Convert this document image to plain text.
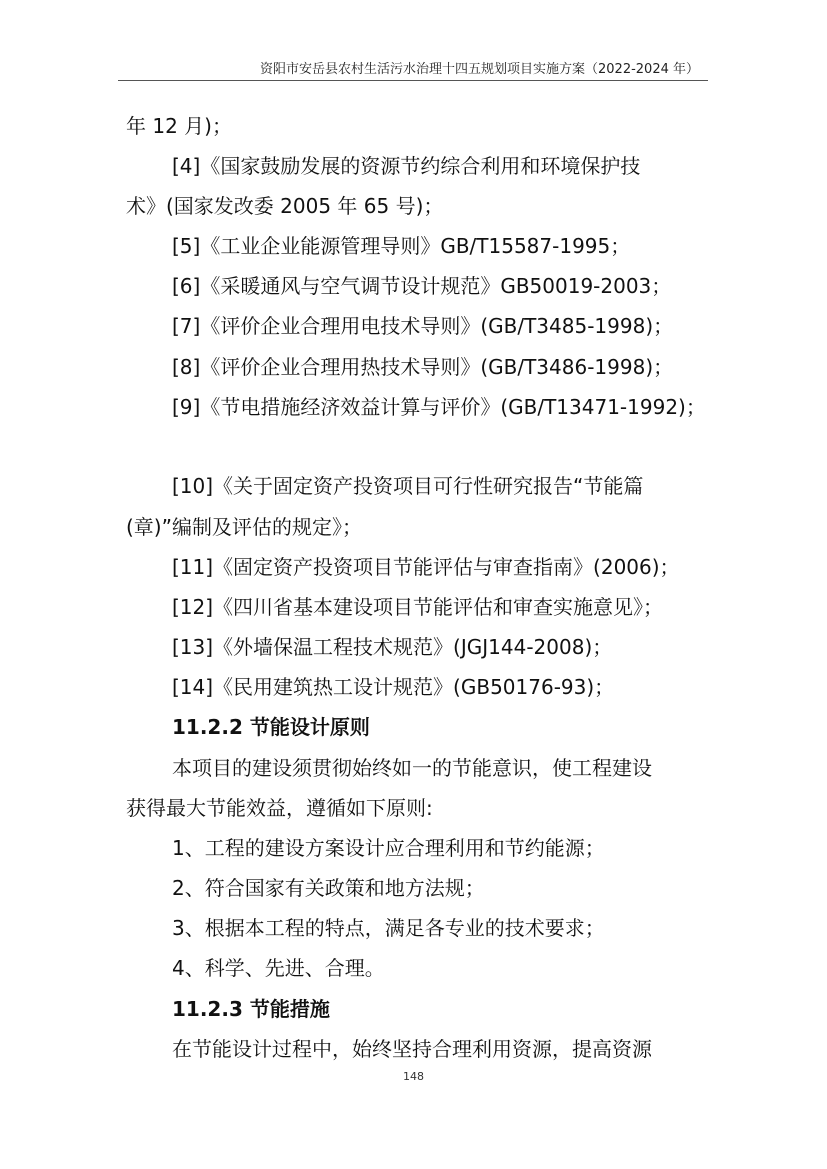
资阳市安岳县农村生活污水治理十四五规划项目实施方案（2022-2024 年）
年 12 月)；
[4]《国家鼓励发展的资源节约综合利用和环境保护技
术》(国家发改委 2005 年 65 号)；
[5]《工业企业能源管理导则》GB/T15587-1995；
[6]《采暖通风与空气调节设计规范》GB50019-2003；
[7]《评价企业合理用电技术导则》(GB/T3485-1998)；
[8]《评价企业合理用热技术导则》(GB/T3486-1998)；
[9]《节电措施经济效益计算与评价》(GB/T13471-1992)；
[10]《关于固定资产投资项目可行性研究报告“节能篇
(章)”编制及评估的规定》；
[11]《固定资产投资项目节能评估与审查指南》(2006)；
[12]《四川省基本建设项目节能评估和审查实施意见》；
[13]《外墙保温工程技术规范》(JGJ144-2008)；
[14]《民用建筑热工设计规范》(GB50176-93)；
11.2.2 节能设计原则
本项目的建设须贯彻始终如一的节能意识，使工程建设
获得最大节能效益，遵循如下原则:
1、工程的建设方案设计应合理利用和节约能源；
2、符合国家有关政策和地方法规；
3、根据本工程的特点，满足各专业的技术要求；
4、科学、先进、合理。
11.2.3 节能措施
在节能设计过程中，始终坚持合理利用资源，提高资源
148
